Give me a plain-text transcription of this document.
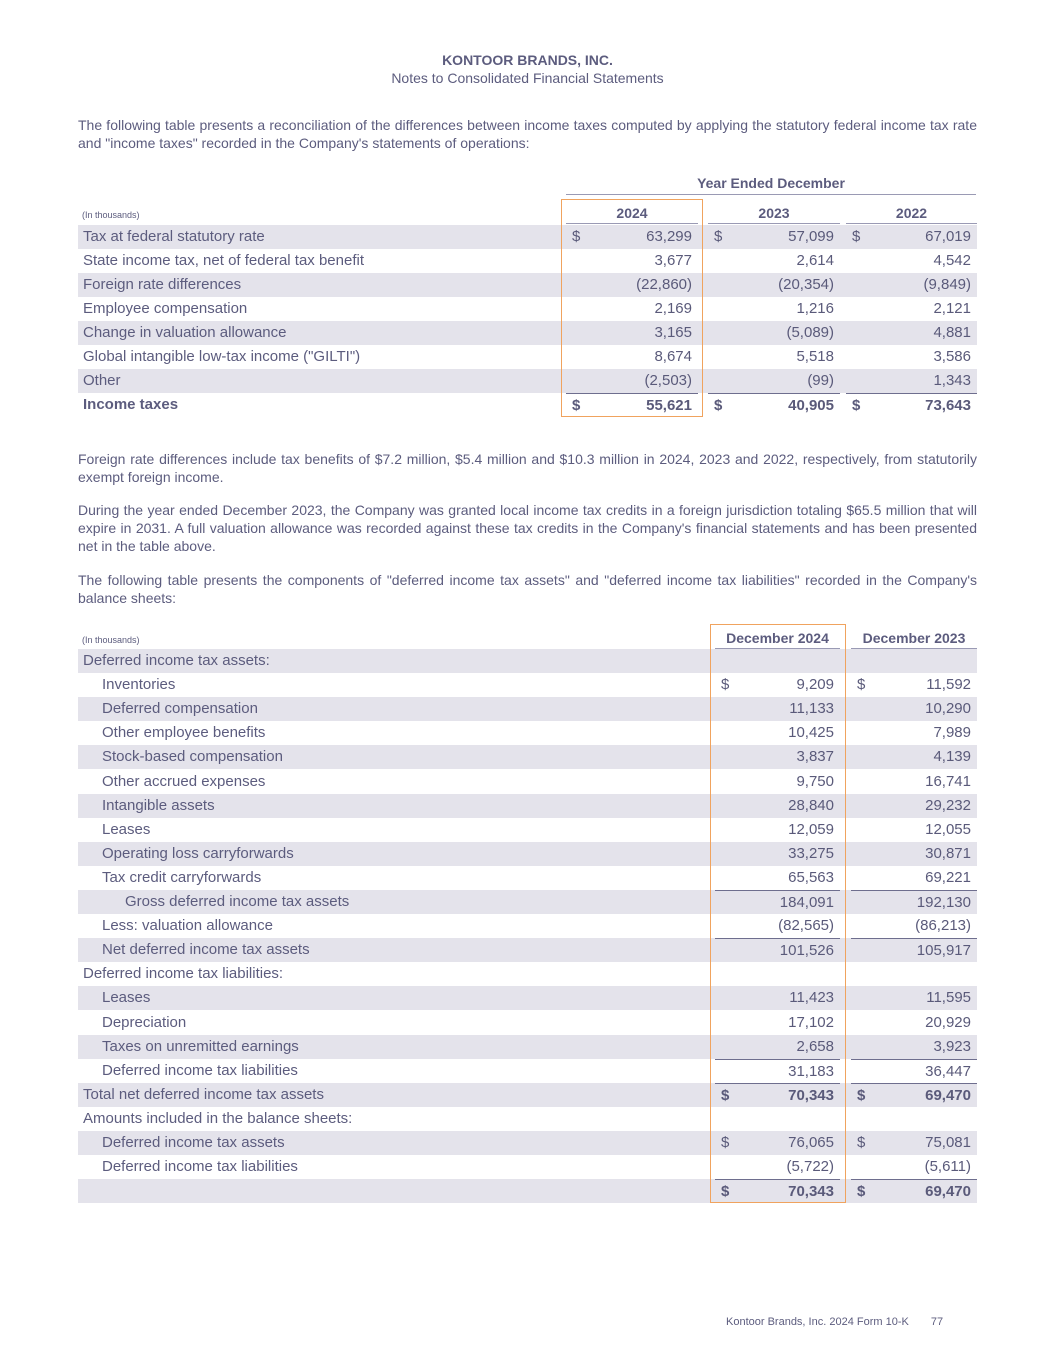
KONTOOR BRANDS, INC.
Notes to Consolidated Financial Statements
The following table presents a reconciliation of the differences between income taxes computed by applying the statutory federal income tax rate and "income taxes" recorded in the Company's statements of operations:
Year Ended December
(In thousands)	2024	2023	2022
Tax at federal statutory rate	$	63,299 $	57,099 $	67,019
State income tax, net of federal tax benefit	3,677	2,614	4,542
Foreign rate differences	(22,860)	(20,354)	(9,849)
Employee compensation	2,169	1,216	2,121
Change in valuation allowance	3,165	(5,089)	4,881
Global intangible low-tax income ("GILTI")	8,674	5,518	3,586
Other	(2,503)	(99)	1,343
Income taxes	$	55,621 $	40,905 $	73,643
Foreign rate differences include tax benefits of $7.2 million, $5.4 million and $10.3 million in 2024, 2023 and 2022, respectively, from statutorily exempt foreign income.
During the year ended December 2023, the Company was granted local income tax credits in a foreign jurisdiction totaling $65.5 million that will expire in 2031. A full valuation allowance was recorded against these tax credits in the Company's financial statements and has been presented net in the table above.
The following table presents the components of "deferred income tax assets" and "deferred income tax liabilities" recorded in the Company's balance sheets:
(In thousands)	December 2024	December 2023
Deferred income tax assets:
Inventories	$	9,209 $	11,592
Deferred compensation	11,133	10,290
Other employee benefits	10,425	7,989
Stock-based compensation	3,837	4,139
Other accrued expenses	9,750	16,741
Intangible assets	28,840	29,232
Leases	12,059	12,055
Operating loss carryforwards	33,275	30,871
Tax credit carryforwards	65,563	69,221
Gross deferred income tax assets	184,091	192,130
Less: valuation allowance	(82,565)	(86,213)
Net deferred income tax assets	101,526	105,917
Deferred income tax liabilities:
Leases	11,423	11,595
Depreciation	17,102	20,929
Taxes on unremitted earnings	2,658	3,923
Deferred income tax liabilities	31,183	36,447
Total net deferred income tax assets	$	70,343 $	69,470
Amounts included in the balance sheets:
Deferred income tax assets	$	76,065 $	75,081
Deferred income tax liabilities	(5,722)	(5,611)
$	70,343 $	69,470
Kontoor Brands, Inc. 2024 Form 10-K 77
